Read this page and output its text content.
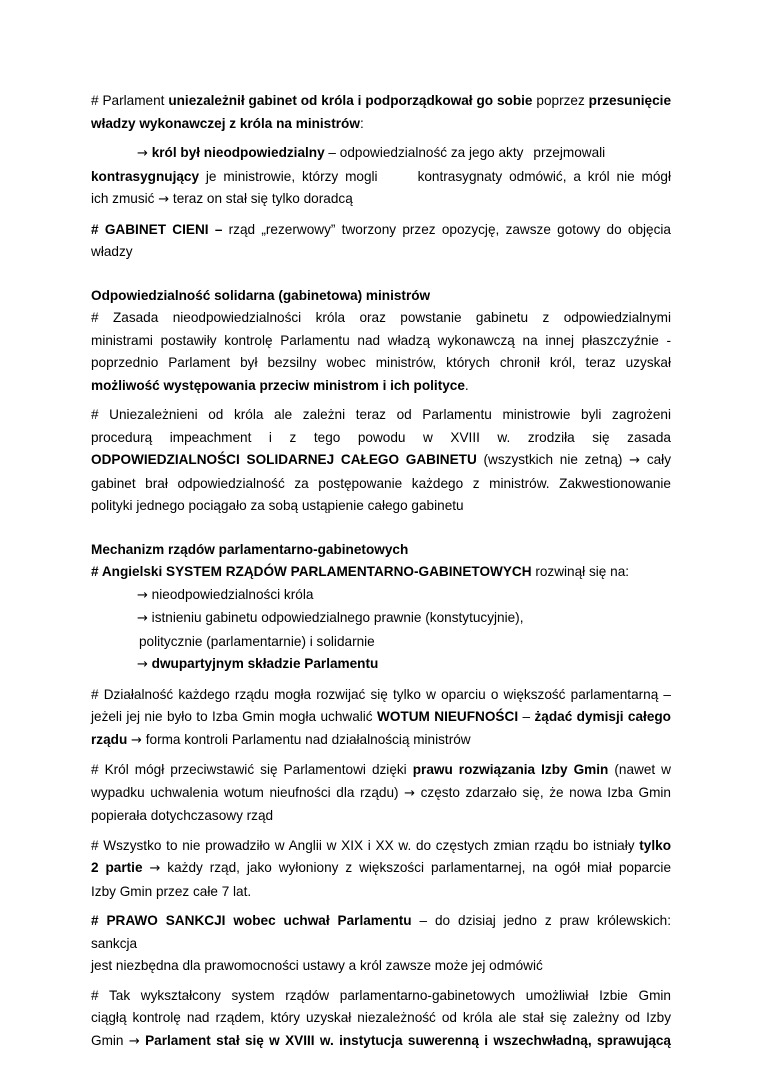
# Parlament uniezależnił gabinet od króla i podporządkował go sobie poprzez przesunięcie
władzy wykonawczej z króla na ministrów:

→ król był nieodpowiedzialny – odpowiedzialność za jego akty przejmowali
kontrasygnujący je ministrowie, którzy mogli	kontrasygnaty odmówić, a król nie mógł
ich zmusić → teraz on stał się tylko doradcą

# GABINET CIENI – rząd „rezerwowy” tworzony przez opozycję, zawsze gotowy do objęcia
władzy

Odpowiedzialność solidarna (gabinetowa) ministrów

# Zasada nieodpowiedzialności króla oraz powstanie gabinetu z odpowiedzialnymi
ministrami postawiły kontrolę Parlamentu nad władzą wykonawczą na innej płaszczyźnie -
poprzednio Parlament był bezsilny wobec ministrów, których chronił król, teraz uzyskał
możliwość występowania przeciw ministrom i ich polityce.

# Uniezależnieni od króla ale zależni teraz od Parlamentu ministrowie byli zagrożeni
procedurą impeachment i z tego powodu w XVIII w. zrodziła się zasada
ODPOWIEDZIALNOŚCI SOLIDARNEJ CAŁEGO GABINETU (wszystkich nie zetną) → cały
gabinet brał odpowiedzialność za postępowanie każdego z ministrów. Zakwestionowanie
polityki jednego pociągało za sobą ustąpienie całego gabinetu

Mechanizm rządów parlamentarno-gabinetowych

# Angielski SYSTEM RZĄDÓW PARLAMENTARNO-GABINETOWYCH rozwinął się na:

→ nieodpowiedzialności króla
→ istnieniu gabinetu odpowiedzialnego prawnie (konstytucyjnie),
politycznie (parlamentarnie) i solidarnie
→ dwupartyjnym składzie Parlamentu

# Działalność każdego rządu mogła rozwijać się tylko w oparciu o większość parlamentarną –
jeżeli jej nie było to Izba Gmin mogła uchwalić WOTUM NIEUFNOŚCI – żądać dymisji całego
rządu → forma kontroli Parlamentu nad działalnością ministrów

# Król mógł przeciwstawić się Parlamentowi dzięki prawu rozwiązania Izby Gmin (nawet w
wypadku uchwalenia wotum nieufności dla rządu) → często zdarzało się, że nowa Izba Gmin
popierała dotychczasowy rząd

# Wszystko to nie prowadziło w Anglii w XIX i XX w. do częstych zmian rządu bo istniały tylko
2 partie → każdy rząd, jako wyłoniony z większości parlamentarnej, na ogół miał poparcie
Izby Gmin przez całe 7 lat.

# PRAWO SANKCJI wobec uchwał Parlamentu – do dzisiaj jedno z praw królewskich: sankcja
jest niezbędna dla prawomocności ustawy a król zawsze może jej odmówić

# Tak wykształcony system rządów parlamentarno-gabinetowych umożliwiał Izbie Gmin
ciągłą kontrolę nad rządem, który uzyskał niezależność od króla ale stał się zależny od Izby
Gmin → Parlament stał się w XVIII w. instytucja suwerenną i wszechwładną, sprawującą
